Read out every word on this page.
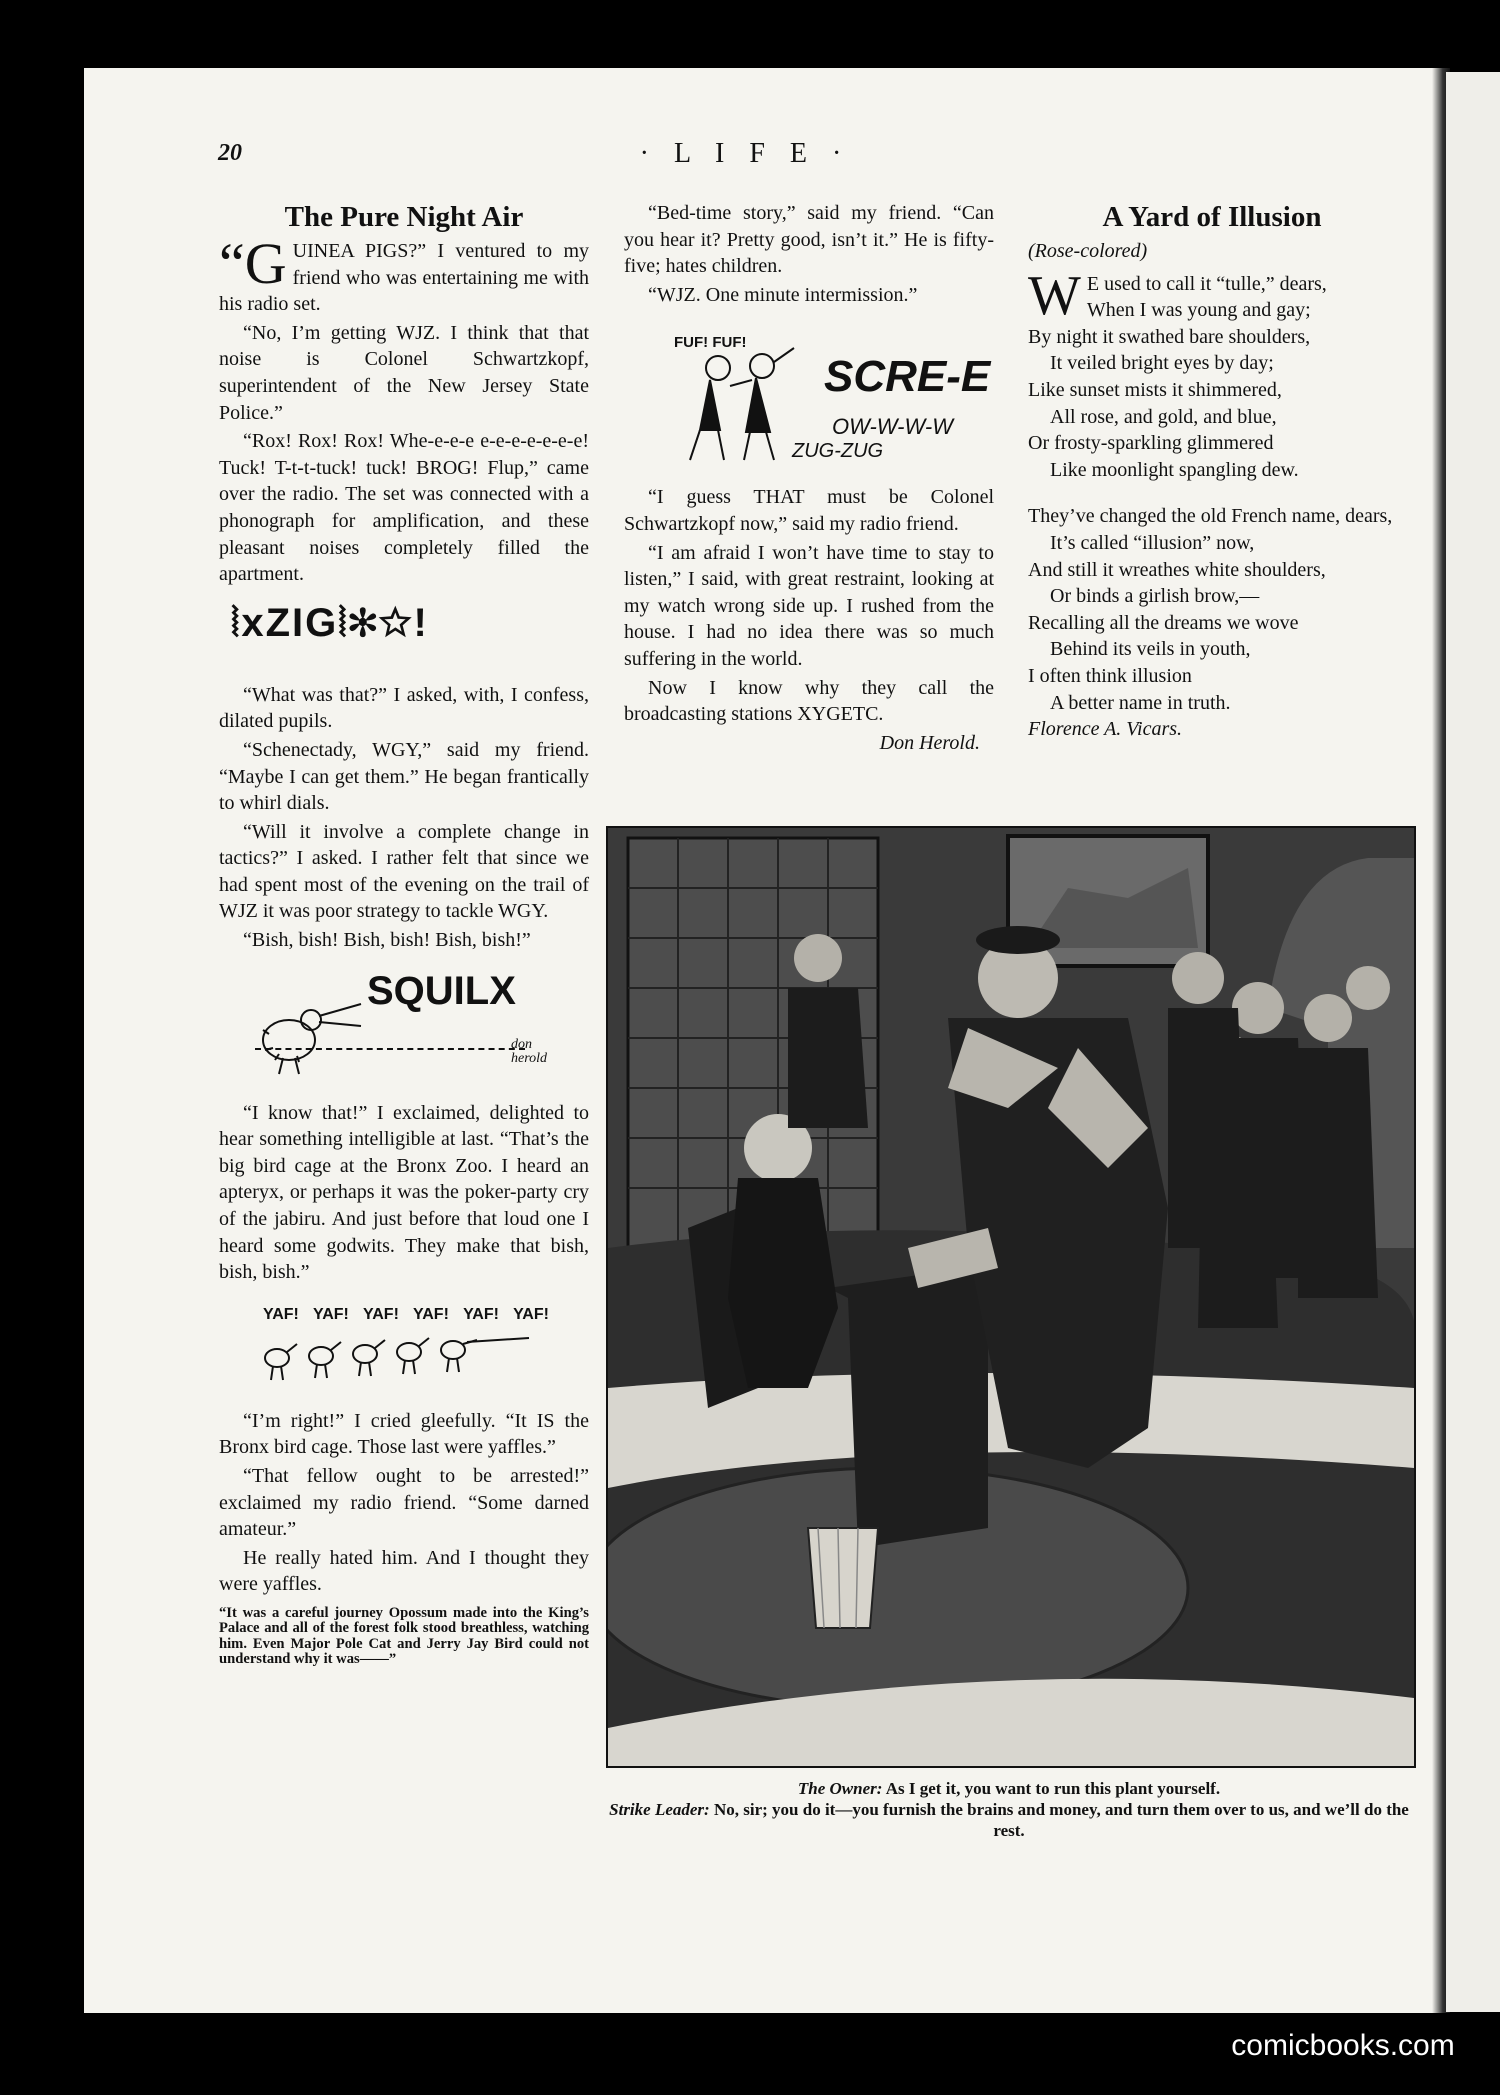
20	· L I F E ·
The Pure Night Air

“GUINEA PIGS?” I ventured to my friend who was entertaining me with his radio set.

“No, I’m getting WJZ. I think that that noise is Colonel Schwartzkopf, superintendent of the New Jersey State Police.”

“Rox! Rox! Rox! Whe-e-e-e e-e-e-e-e-e-e! Tuck! T-t-t-tuck! tuck! BROG! Flup,” came over the radio. The set was connected with a phonograph for amplification, and these pleasant noises completely filled the apartment.

⦚xZIG⦚✻☆!

“What was that?” I asked, with, I confess, dilated pupils.

“Schenectady, WGY,” said my friend. “Maybe I can get them.” He began frantically to whirl dials.

“Will it involve a complete change in tactics?” I asked. I rather felt that since we had spent most of the evening on the trail of WJZ it was poor strategy to tackle WGY.

“Bish, bish! Bish, bish! Bish, bish!”

SQUILX
don herold

“I know that!” I exclaimed, delighted to hear something intelligible at last. “That’s the big bird cage at the Bronx Zoo. I heard an apteryx, or perhaps it was the poker-party cry of the jabiru. And just before that loud one I heard some godwits. They make that bish, bish, bish.”

YAF! YAF! YAF! YAF! YAF! YAF!

“I’m right!” I cried gleefully. “It IS the Bronx bird cage. Those last were yaffles.”

“That fellow ought to be arrested!” exclaimed my radio friend. “Some darned amateur.”

He really hated him. And I thought they were yaffles.

“It was a careful journey Opossum made into the King’s Palace and all of the forest folk stood breathless, watching him. Even Major Pole Cat and Jerry Jay Bird could not understand why it was——”

“Bed-time story,” said my friend. “Can you hear it? Pretty good, isn’t it.” He is fifty-five; hates children.

“WJZ. One minute intermission.”

FUF! FUF!
SCRE-E
OW-W-W-W
ZUG-ZUG

“I guess THAT must be Colonel Schwartzkopf now,” said my radio friend.

“I am afraid I won’t have time to stay to listen,” I said, with great restraint, looking at my watch wrong side up. I rushed from the house. I had no idea there was so much suffering in the world.

Now I know why they call the broadcasting stations XYGETC.

Don Herold.
A Yard of Illusion
(Rose-colored)
W E used to call it “tulle,” dears,
When I was young and gay;
By night it swathed bare shoulders,
It veiled bright eyes by day;
Like sunset mists it shimmered,
All rose, and gold, and blue,
Or frosty-sparkling glimmered
Like moonlight spangling dew.
They’ve changed the old French name, dears,
It’s called “illusion” now,
And still it wreathes white shoulders,
Or binds a girlish brow,—
Recalling all the dreams we wove
Behind its veils in youth,
I often think illusion
A better name in truth.
Florence A. Vicars.
The Owner: As I get it, you want to run this plant yourself.
Strike Leader: No, sir; you do it—you furnish the brains and money, and turn them over to us, and we’ll do the rest.
comicbooks.com
